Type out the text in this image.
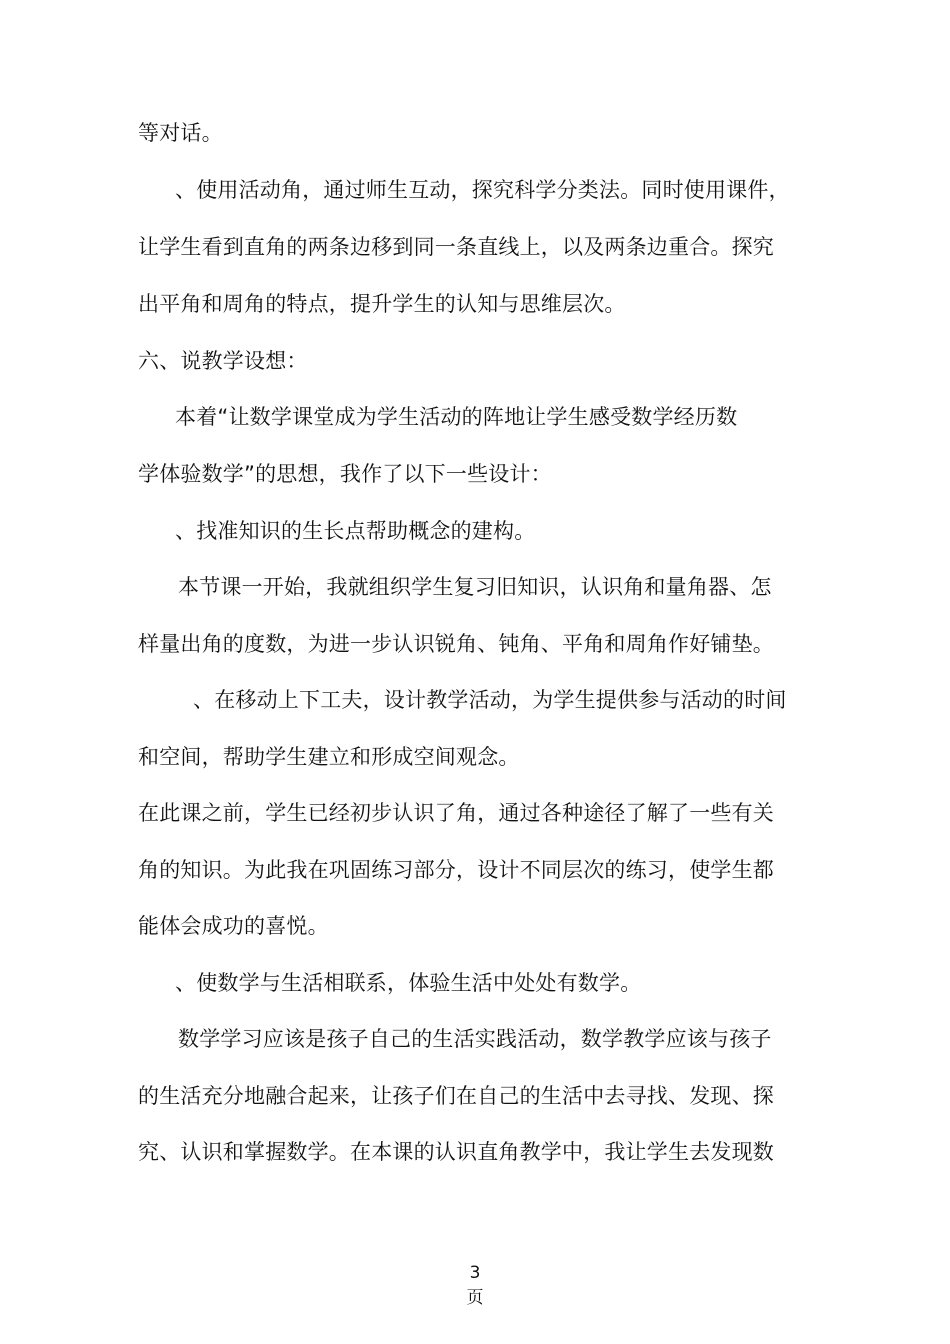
等对话。
、使用活动角，通过师生互动，探究科学分类法。同时使用课件，
让学生看到直角的两条边移到同一条直线上，以及两条边重合。探究
出平角和周角的特点，提升学生的认知与思维层次。
六、说教学设想：
本着“让数学课堂成为学生活动的阵地让学生感受数学经历数
学体验数学”的思想，我作了以下一些设计：
、找准知识的生长点帮助概念的建构。
本节课一开始，我就组织学生复习旧知识，认识角和量角器、怎
样量出角的度数，为进一步认识锐角、钝角、平角和周角作好铺垫。
、在移动上下工夫，设计教学活动，为学生提供参与活动的时间
和空间，帮助学生建立和形成空间观念。
在此课之前，学生已经初步认识了角，通过各种途径了解了一些有关
角的知识。为此我在巩固练习部分，设计不同层次的练习，使学生都
能体会成功的喜悦。
、使数学与生活相联系，体验生活中处处有数学。
数学学习应该是孩子自己的生活实践活动，数学教学应该与孩子
的生活充分地融合起来，让孩子们在自己的生活中去寻找、发现、探
究、认识和掌握数学。在本课的认识直角教学中，我让学生去发现数
3
页
